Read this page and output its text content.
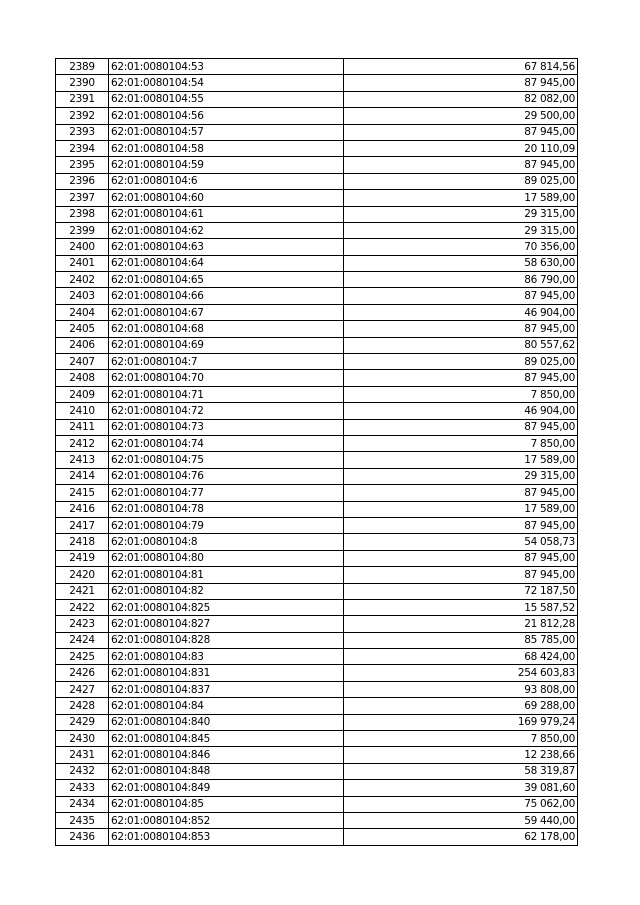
2389	62:01:0080104:53	67 814,56
2390	62:01:0080104:54	87 945,00
2391	62:01:0080104:55	82 082,00
2392	62:01:0080104:56	29 500,00
2393	62:01:0080104:57	87 945,00
2394	62:01:0080104:58	20 110,09
2395	62:01:0080104:59	87 945,00
2396	62:01:0080104:6	89 025,00
2397	62:01:0080104:60	17 589,00
2398	62:01:0080104:61	29 315,00
2399	62:01:0080104:62	29 315,00
2400	62:01:0080104:63	70 356,00
2401	62:01:0080104:64	58 630,00
2402	62:01:0080104:65	86 790,00
2403	62:01:0080104:66	87 945,00
2404	62:01:0080104:67	46 904,00
2405	62:01:0080104:68	87 945,00
2406	62:01:0080104:69	80 557,62
2407	62:01:0080104:7	89 025,00
2408	62:01:0080104:70	87 945,00
2409	62:01:0080104:71	7 850,00
2410	62:01:0080104:72	46 904,00
2411	62:01:0080104:73	87 945,00
2412	62:01:0080104:74	7 850,00
2413	62:01:0080104:75	17 589,00
2414	62:01:0080104:76	29 315,00
2415	62:01:0080104:77	87 945,00
2416	62:01:0080104:78	17 589,00
2417	62:01:0080104:79	87 945,00
2418	62:01:0080104:8	54 058,73
2419	62:01:0080104:80	87 945,00
2420	62:01:0080104:81	87 945,00
2421	62:01:0080104:82	72 187,50
2422	62:01:0080104:825	15 587,52
2423	62:01:0080104:827	21 812,28
2424	62:01:0080104:828	85 785,00
2425	62:01:0080104:83	68 424,00
2426	62:01:0080104:831	254 603,83
2427	62:01:0080104:837	93 808,00
2428	62:01:0080104:84	69 288,00
2429	62:01:0080104:840	169 979,24
2430	62:01:0080104:845	7 850,00
2431	62:01:0080104:846	12 238,66
2432	62:01:0080104:848	58 319,87
2433	62:01:0080104:849	39 081,60
2434	62:01:0080104:85	75 062,00
2435	62:01:0080104:852	59 440,00
2436	62:01:0080104:853	62 178,00
